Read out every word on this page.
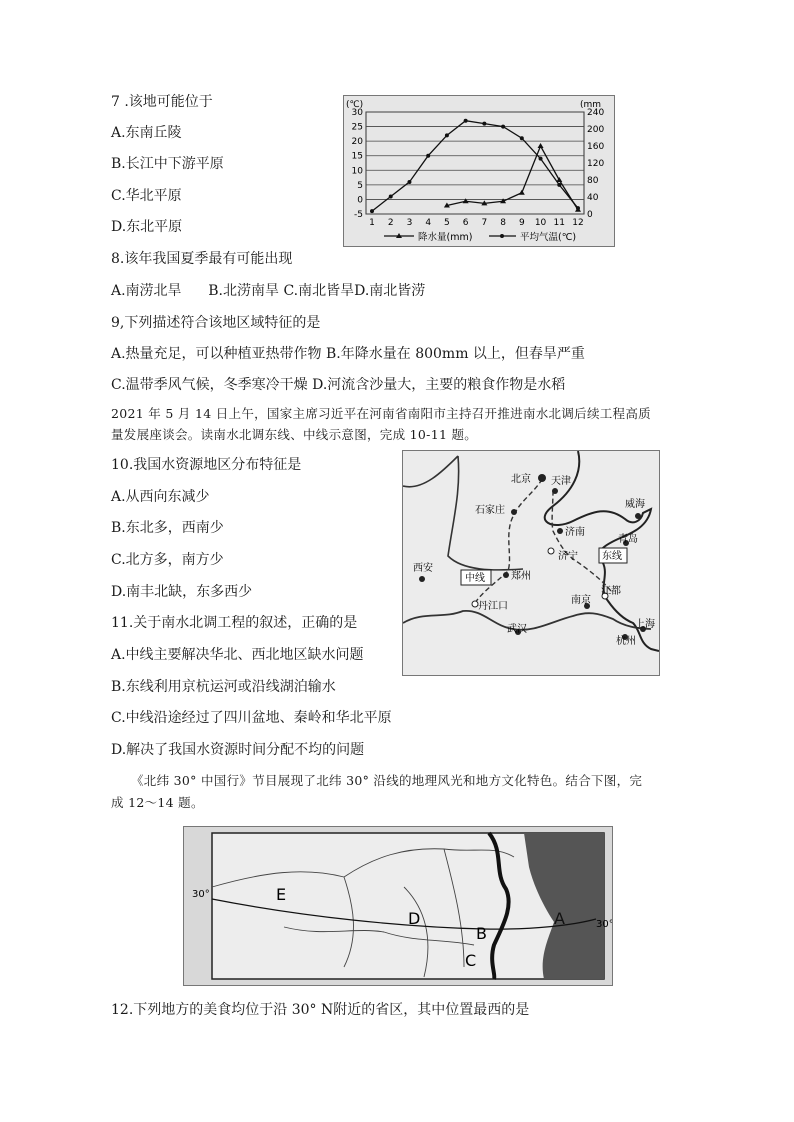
7 .该地可能位于
A.东南丘陵
B.长江中下游平原
C.华北平原
D.东北平原
30
25
20
15
10
5
0
-5
240
200
160
120
80
40
0
(℃)	(mm
1 2 3 4 5 6 7 8 9 10 11 12
降水量(mm)	平均气温(℃)
8.该年我国夏季最有可能出现
A.南涝北旱      B.北涝南旱 C.南北皆旱D.南北皆涝
9,下列描述符合该地区域特征的是
A.热量充足，可以种植亚热带作物 B.年降水量在 800mm 以上，但春旱严重
C.温带季风气候，冬季寒冷干燥 D.河流含沙量大，主要的粮食作物是水稻
2021 年 5 月 14 日上午，国家主席习近平在河南省南阳市主持召开推进南水北调后续工程高质
量发展座谈会。读南水北调东线、中线示意图，完成 10-11 题。
10.我国水资源地区分布特征是
A.从西向东减少
B.东北多，西南少
C.北方多，南方少
D.南丰北缺，东多西少
北京 天津
石家庄
威海
济南
青岛
济宁 东线
西安
中线	郑州
江都
南京
丹江口
上海
武汉
杭州
11.关于南水北调工程的叙述，正确的是
A.中线主要解决华北、西北地区缺水问题
B.东线利用京杭运河或沿线湖泊输水
C.中线沿途经过了四川盆地、秦岭和华北平原
D.解决了我国水资源时间分配不均的问题
《北纬 30° 中国行》节目展现了北纬 30° 沿线的地理风光和地方文化特色。结合下图，完
成 12～14 题。
30°
30°
E
D
B
A
C
12.下列地方的美食均位于沿 30° N附近的省区，其中位置最西的是
